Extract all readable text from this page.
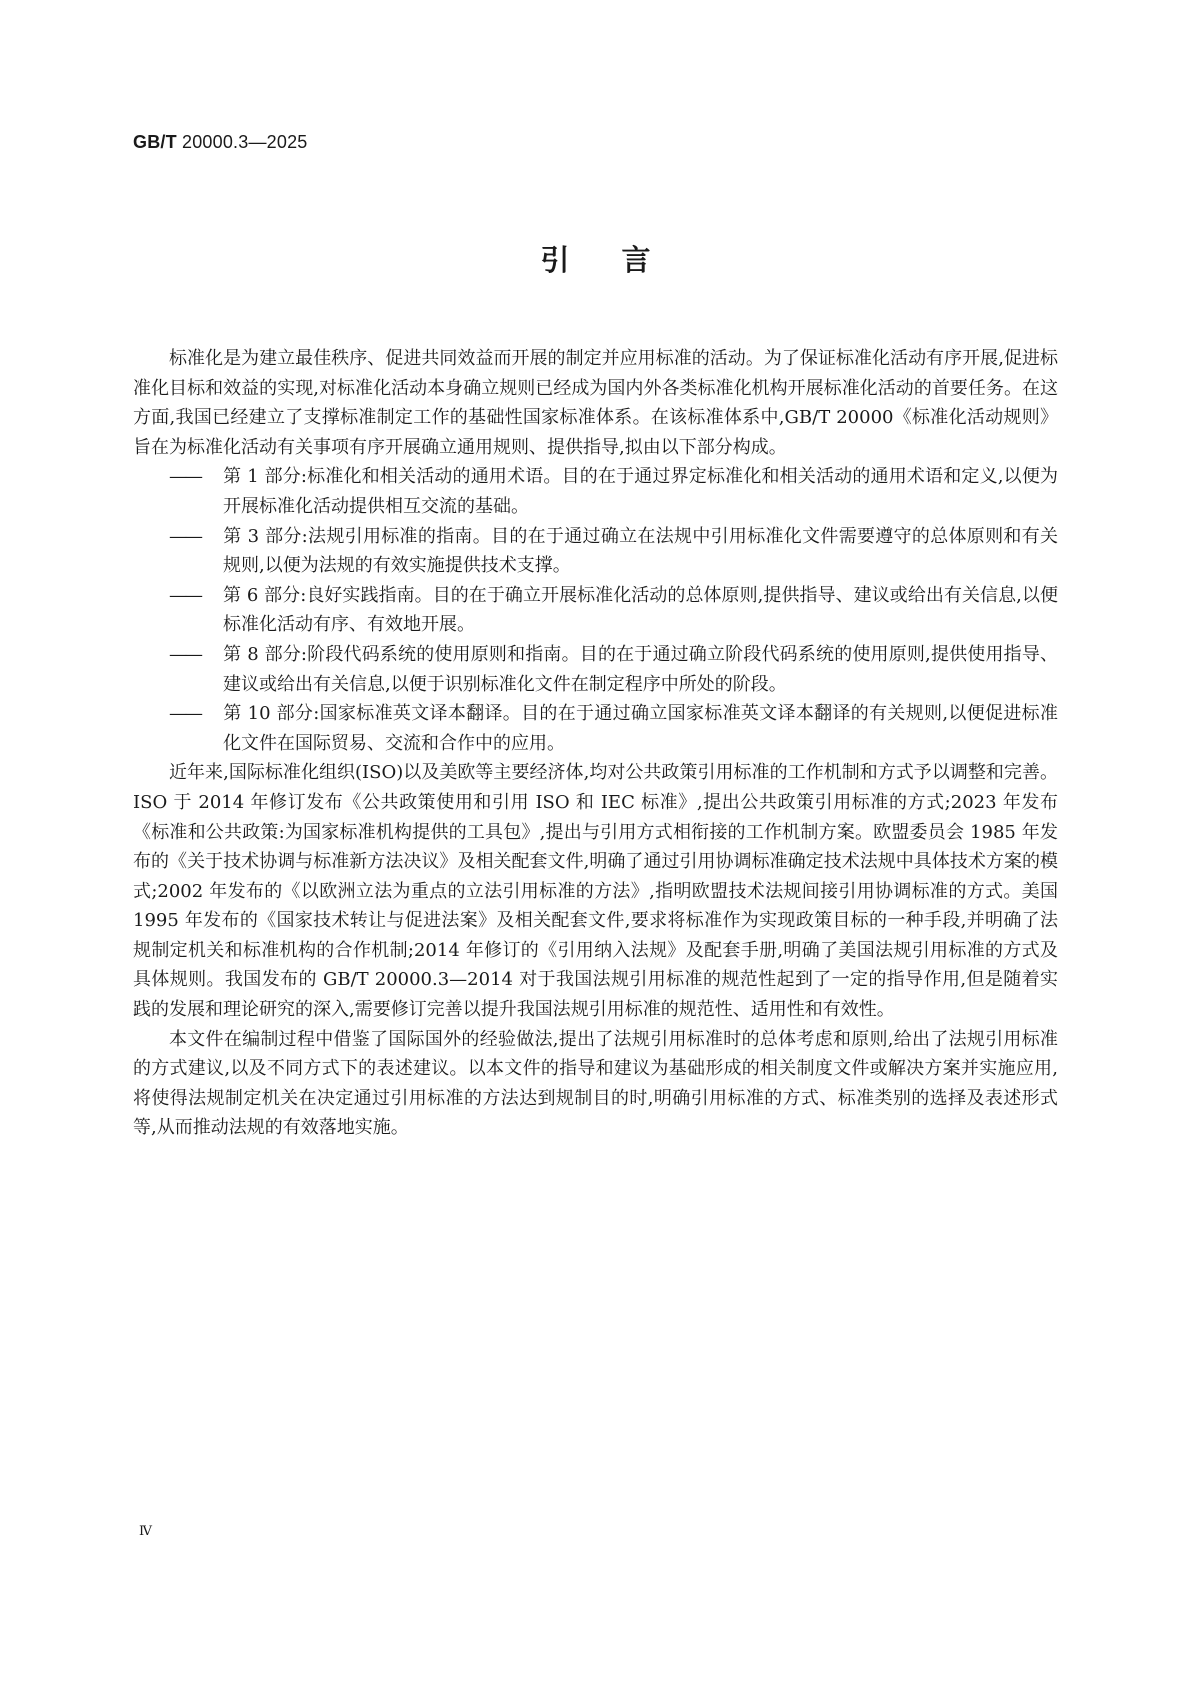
GB/T 20000.3—2025
引言

标准化是为建立最佳秩序、促进共同效益而开展的制定并应用标准的活动。为了保证标准化活动有序开展,促进标准化目标和效益的实现,对标准化活动本身确立规则已经成为国内外各类标准化机构开展标准化活动的首要任务。在这方面,我国已经建立了支撑标准制定工作的基础性国家标准体系。在该标准体系中,GB/T 20000《标准化活动规则》旨在为标准化活动有关事项有序开展确立通用规则、提供指导,拟由以下部分构成。

—— 第 1 部分:标准化和相关活动的通用术语。目的在于通过界定标准化和相关活动的通用术语和定义,以便为开展标准化活动提供相互交流的基础。
—— 第 3 部分:法规引用标准的指南。目的在于通过确立在法规中引用标准化文件需要遵守的总体原则和有关规则,以便为法规的有效实施提供技术支撑。
—— 第 6 部分:良好实践指南。目的在于确立开展标准化活动的总体原则,提供指导、建议或给出有关信息,以便标准化活动有序、有效地开展。
—— 第 8 部分:阶段代码系统的使用原则和指南。目的在于通过确立阶段代码系统的使用原则,提供使用指导、建议或给出有关信息,以便于识别标准化文件在制定程序中所处的阶段。
—— 第 10 部分:国家标准英文译本翻译。目的在于通过确立国家标准英文译本翻译的有关规则,以便促进标准化文件在国际贸易、交流和合作中的应用。

近年来,国际标准化组织(ISO)以及美欧等主要经济体,均对公共政策引用标准的工作机制和方式予以调整和完善。ISO 于 2014 年修订发布《公共政策使用和引用 ISO 和 IEC 标准》,提出公共政策引用标准的方式;2023 年发布《标准和公共政策:为国家标准机构提供的工具包》,提出与引用方式相衔接的工作机制方案。欧盟委员会 1985 年发布的《关于技术协调与标准新方法决议》及相关配套文件,明确了通过引用协调标准确定技术法规中具体技术方案的模式;2002 年发布的《以欧洲立法为重点的立法引用标准的方法》,指明欧盟技术法规间接引用协调标准的方式。美国 1995 年发布的《国家技术转让与促进法案》及相关配套文件,要求将标准作为实现政策目标的一种手段,并明确了法规制定机关和标准机构的合作机制;2014 年修订的《引用纳入法规》及配套手册,明确了美国法规引用标准的方式及具体规则。我国发布的 GB/T 20000.3—2014 对于我国法规引用标准的规范性起到了一定的指导作用,但是随着实践的发展和理论研究的深入,需要修订完善以提升我国法规引用标准的规范性、适用性和有效性。

本文件在编制过程中借鉴了国际国外的经验做法,提出了法规引用标准时的总体考虑和原则,给出了法规引用标准的方式建议,以及不同方式下的表述建议。以本文件的指导和建议为基础形成的相关制度文件或解决方案并实施应用,将使得法规制定机关在决定通过引用标准的方法达到规制目的时,明确引用标准的方式、标准类别的选择及表述形式等,从而推动法规的有效落地实施。

Ⅳ
